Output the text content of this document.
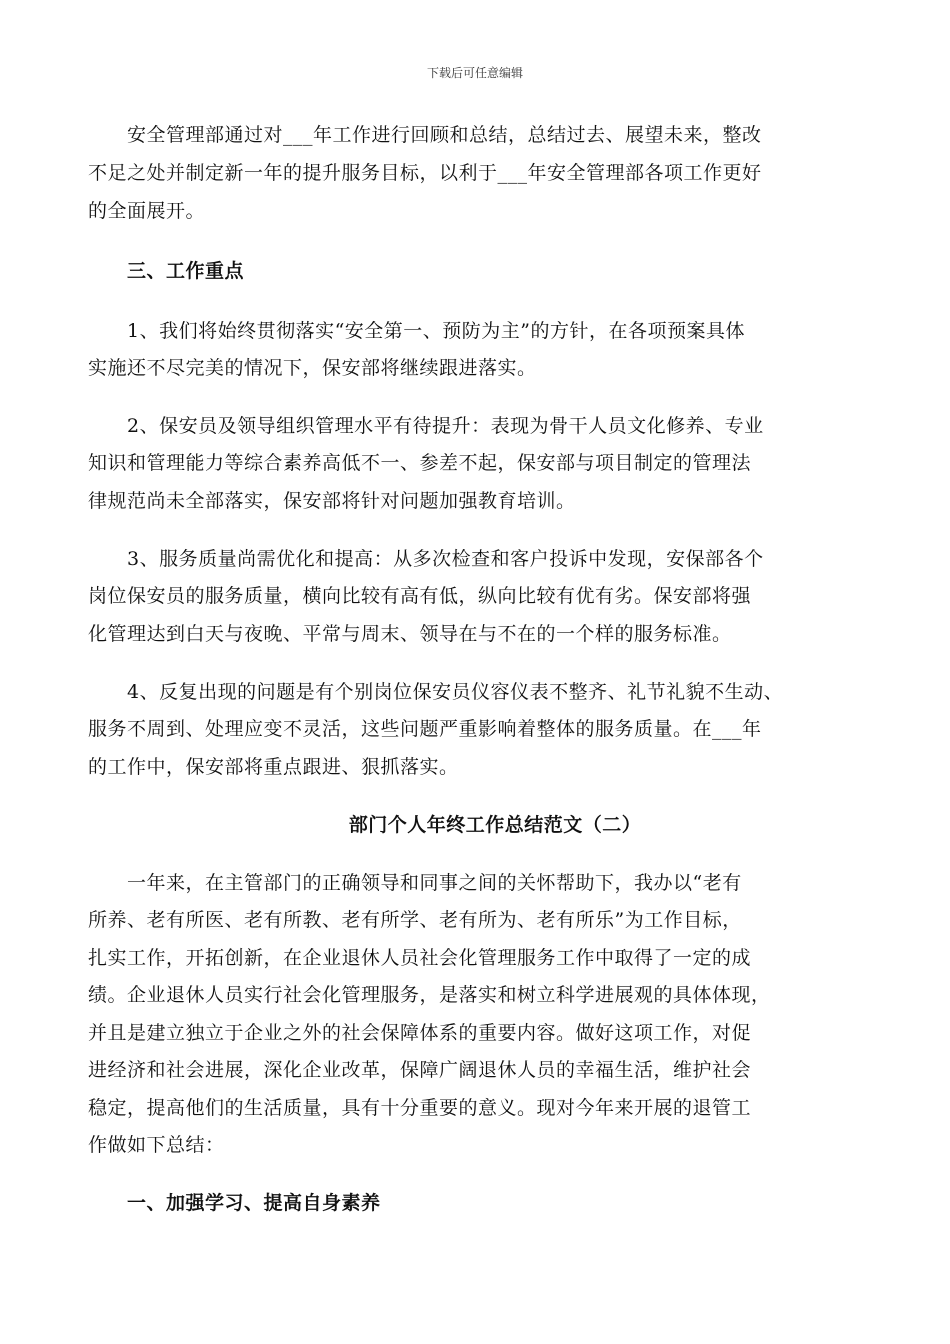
下载后可任意编辑
　　安全管理部通过对___年工作进行回顾和总结，总结过去、展望未来，整改
不足之处并制定新一年的提升服务目标，以利于___年安全管理部各项工作更好
的全面展开。
　　三、工作重点
　　1、我们将始终贯彻落实“安全第一、预防为主”的方针，在各项预案具体
实施还不尽完美的情况下，保安部将继续跟进落实。
　　2、保安员及领导组织管理水平有待提升：表现为骨干人员文化修养、专业
知识和管理能力等综合素养高低不一、参差不起，保安部与项目制定的管理法
律规范尚未全部落实，保安部将针对问题加强教育培训。
　　3、服务质量尚需优化和提高：从多次检查和客户投诉中发现，安保部各个
岗位保安员的服务质量，横向比较有高有低，纵向比较有优有劣。保安部将强
化管理达到白天与夜晚、平常与周末、领导在与不在的一个样的服务标准。
　　4、反复出现的问题是有个别岗位保安员仪容仪表不整齐、礼节礼貌不生动、
服务不周到、处理应变不灵活，这些问题严重影响着整体的服务质量。在___年
的工作中，保安部将重点跟进、狠抓落实。
部门个人年终工作总结范文（二）
　　一年来，在主管部门的正确领导和同事之间的关怀帮助下，我办以“老有
所养、老有所医、老有所教、老有所学、老有所为、老有所乐”为工作目标，
扎实工作，开拓创新，在企业退休人员社会化管理服务工作中取得了一定的成
绩。企业退休人员实行社会化管理服务，是落实和树立科学进展观的具体体现，
并且是建立独立于企业之外的社会保障体系的重要内容。做好这项工作，对促
进经济和社会进展，深化企业改革，保障广阔退休人员的幸福生活，维护社会
稳定，提高他们的生活质量，具有十分重要的意义。现对今年来开展的退管工
作做如下总结：
　　一、加强学习、提高自身素养
